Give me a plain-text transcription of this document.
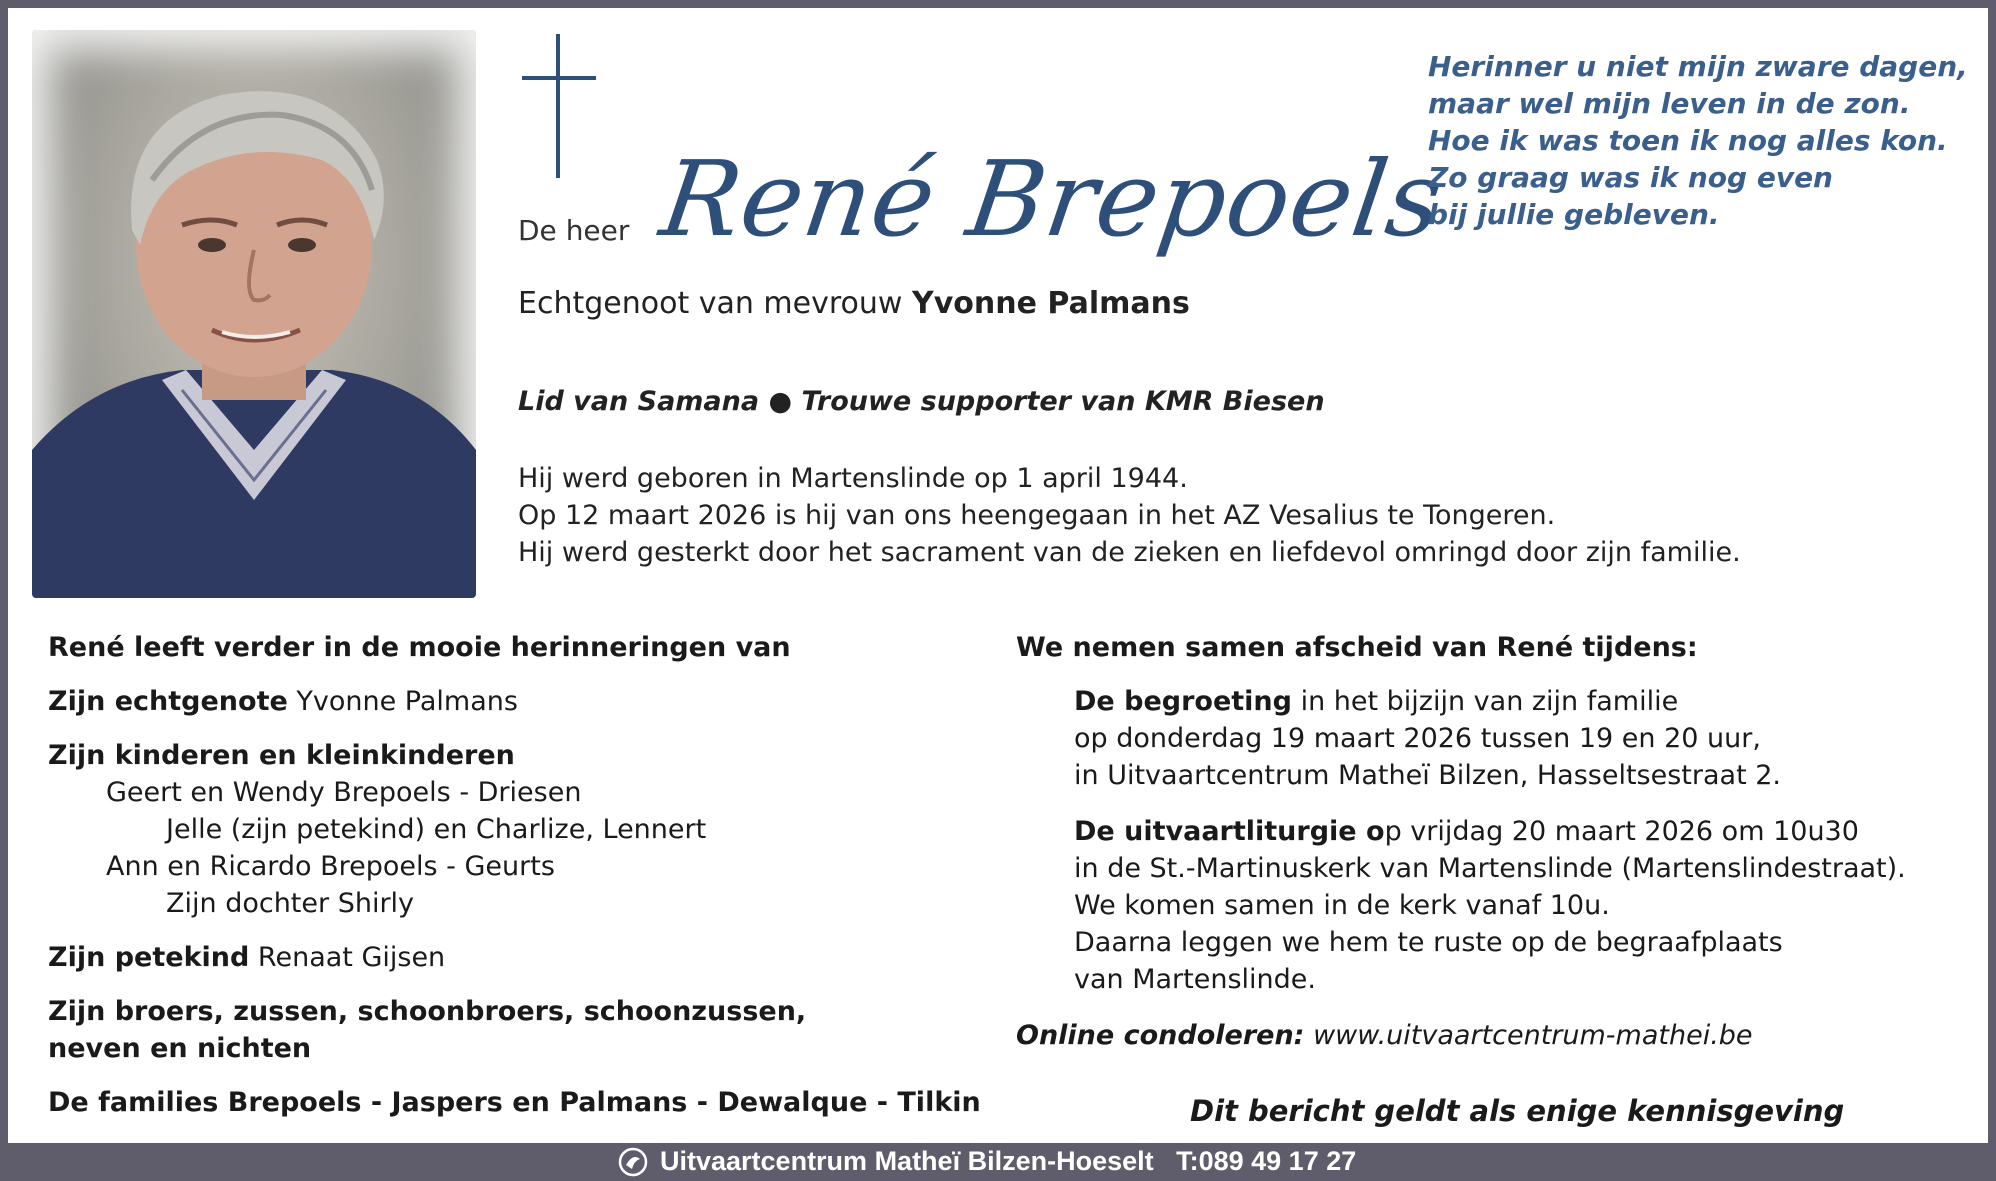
De heer René Brepoels
Echtgenoot van mevrouw Yvonne Palmans
Lid van Samana ● Trouwe supporter van KMR Biesen
Herinner u niet mijn zware dagen,
maar wel mijn leven in de zon.
Hoe ik was toen ik nog alles kon.
Zo graag was ik nog even
bij jullie gebleven.
Hij werd geboren in Martenslinde op 1 april 1944.
Op 12 maart 2026 is hij van ons heengegaan in het AZ Vesalius te Tongeren.
Hij werd gesterkt door het sacrament van de zieken en liefdevol omringd door zijn familie.
René leeft verder in de mooie herinneringen van
Zijn echtgenote Yvonne Palmans
Zijn kinderen en kleinkinderen
Geert en Wendy Brepoels - Driesen
Jelle (zijn petekind) en Charlize, Lennert
Ann en Ricardo Brepoels - Geurts
Zijn dochter Shirly
Zijn petekind Renaat Gijsen
Zijn broers, zussen, schoonbroers, schoonzussen,
neven en nichten
De families Brepoels - Jaspers en Palmans - Dewalque - Tilkin
We nemen samen afscheid van René tijdens:
De begroeting in het bijzijn van zijn familie
op donderdag 19 maart 2026 tussen 19 en 20 uur,
in Uitvaartcentrum Matheï Bilzen, Hasseltsestraat 2.
De uitvaartliturgie op vrijdag 20 maart 2026 om 10u30
in de St.-Martinuskerk van Martenslinde (Martenslindestraat).
We komen samen in de kerk vanaf 10u.
Daarna leggen we hem te ruste op de begraafplaats
van Martenslinde.
Online condoleren: www.uitvaartcentrum-mathei.be
Dit bericht geldt als enige kennisgeving
Uitvaartcentrum Matheï Bilzen-Hoeselt   T:089 49 17 27
